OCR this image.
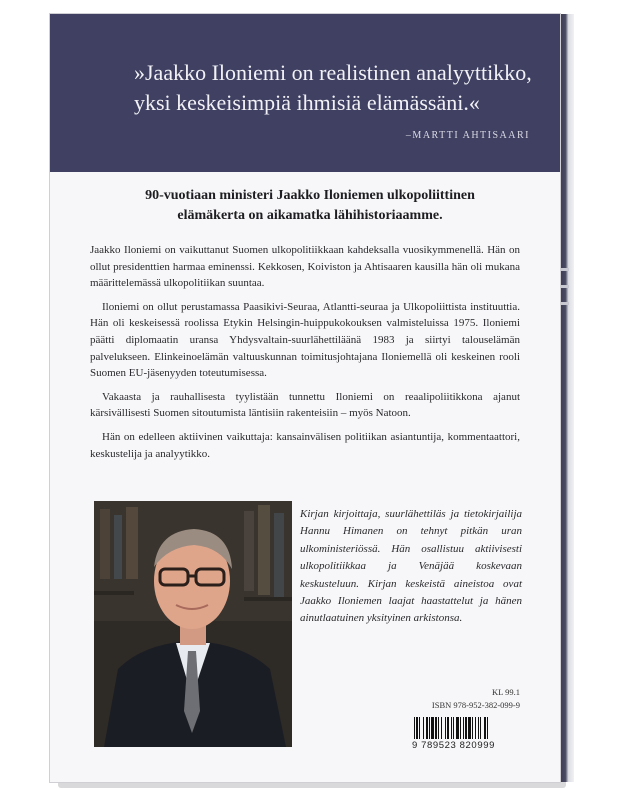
»Jaakko Iloniemi on realistinen analyyttikko,
yksi keskeisimpiä ihmisiä elämässäni.«
–MARTTI AHTISAARI
90-vuotiaan ministeri Jaakko Iloniemen ulkopoliittinen
elämäkerta on aikamatka lähihistoriaamme.

Jaakko Iloniemi on vaikuttanut Suomen ulkopolitiikkaan kahdeksalla vuosikymmenellä. Hän on ollut presidenttien harmaa eminenssi. Kekkosen, Koiviston ja Ahtisaaren kausilla hän oli mukana määrittelemässä ulkopolitiikan suuntaa.

Iloniemi on ollut perustamassa Paasikivi-Seuraa, Atlantti-seuraa ja Ulkopoliittista instituuttia. Hän oli keskeisessä roolissa Etykin Helsingin-huippukokouksen valmisteluissa 1975. Iloniemi päätti diplomaatin uransa Yhdysvaltain-suurlähettiläänä 1983 ja siirtyi talouselämän palvelukseen. Elinkeinoelämän valtuuskunnan toimitusjohtajana Iloniemellä oli keskeinen rooli Suomen EU-jäsenyyden toteutumisessa.

Vakaasta ja rauhallisesta tyylistään tunnettu Iloniemi on reaalipoliitikkona ajanut kärsivällisesti Suomen sitoutumista läntisiin rakenteisiin – myös Natoon.

Hän on edelleen aktiivinen vaikuttaja: kansainvälisen politiikan asiantuntija, kommentaattori, keskustelija ja analyytikko.

Kirjan kirjoittaja, suurlähettiläs ja tietokirjailija Hannu Himanen on tehnyt pitkän uran ulkoministeriössä. Hän osallistuu aktiivisesti ulkopolitiikkaa ja Venäjää koskevaan keskusteluun. Kirjan keskeistä aineistoa ovat Jaakko Iloniemen laajat haastattelut ja hänen ainutlaatuinen yksityinen arkistonsa.
KL 99.1
ISBN 978-952-382-099-9
9 789523 820999
